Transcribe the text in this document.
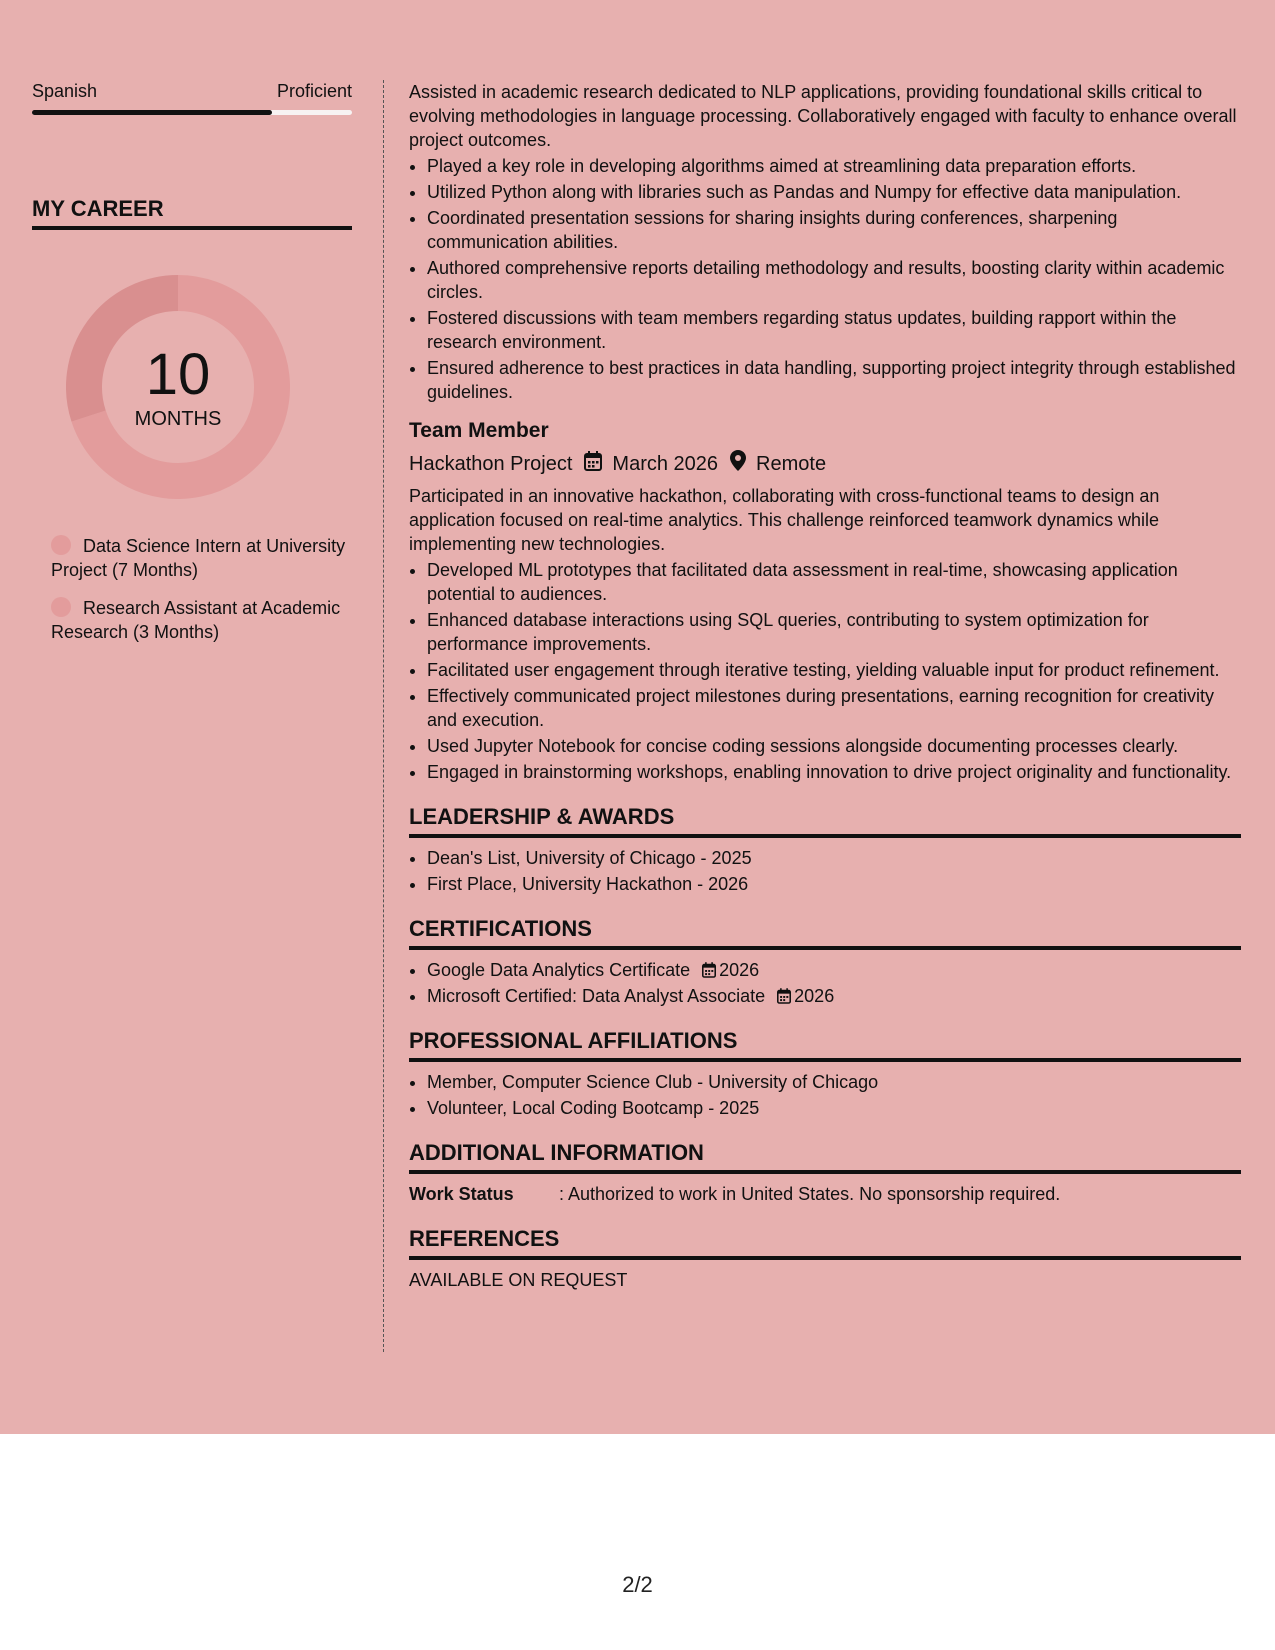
Spanish	Proficient
MY CAREER
10
MONTHS
Data Science Intern at University Project (7 Months)
Research Assistant at Academic Research (3 Months)

Assisted in academic research dedicated to NLP applications, providing foundational skills critical to evolving methodologies in language processing. Collaboratively engaged with faculty to enhance overall project outcomes.

• Played a key role in developing algorithms aimed at streamlining data preparation efforts.
• Utilized Python along with libraries such as Pandas and Numpy for effective data manipulation.
• Coordinated presentation sessions for sharing insights during conferences, sharpening communication abilities.
• Authored comprehensive reports detailing methodology and results, boosting clarity within academic circles.
• Fostered discussions with team members regarding status updates, building rapport within the research environment.
• Ensured adherence to best practices in data handling, supporting project integrity through established guidelines.
Team Member
Hackathon Project March 2026 Remote

Participated in an innovative hackathon, collaborating with cross-functional teams to design an application focused on real-time analytics. This challenge reinforced teamwork dynamics while implementing new technologies.

• Developed ML prototypes that facilitated data assessment in real-time, showcasing application potential to audiences.
• Enhanced database interactions using SQL queries, contributing to system optimization for performance improvements.
• Facilitated user engagement through iterative testing, yielding valuable input for product refinement.
• Effectively communicated project milestones during presentations, earning recognition for creativity and execution.
• Used Jupyter Notebook for concise coding sessions alongside documenting processes clearly.
• Engaged in brainstorming workshops, enabling innovation to drive project originality and functionality.
LEADERSHIP & AWARDS
• Dean's List, University of Chicago - 2025
• First Place, University Hackathon - 2026
CERTIFICATIONS
• Google Data Analytics Certificate 2026
• Microsoft Certified: Data Analyst Associate 2026
PROFESSIONAL AFFILIATIONS
• Member, Computer Science Club - University of Chicago
• Volunteer, Local Coding Bootcamp - 2025
ADDITIONAL INFORMATION
Work Status	: Authorized to work in United States. No sponsorship required.
REFERENCES
AVAILABLE ON REQUEST
2/2
